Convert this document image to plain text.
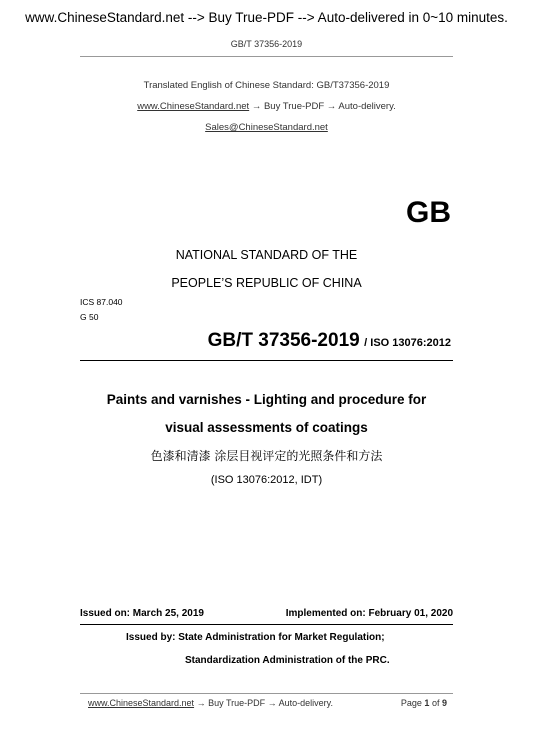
www.ChineseStandard.net --> Buy True-PDF --> Auto-delivered in 0~10 minutes.
GB/T 37356-2019
Translated English of Chinese Standard: GB/T37356-2019
www.ChineseStandard.net → Buy True-PDF → Auto-delivery.
Sales@ChineseStandard.net
GB
NATIONAL STANDARD OF THE
PEOPLE’S REPUBLIC OF CHINA
ICS 87.040
G 50
GB/T 37356-2019 / ISO 13076:2012
Paints and varnishes - Lighting and procedure for
visual assessments of coatings
色漆和清漆 涂层目视评定的光照条件和方法
(ISO 13076:2012, IDT)
Issued on: March 25, 2019	Implemented on: February 01, 2020
Issued by: State Administration for Market Regulation;
Standardization Administration of the PRC.
www.ChineseStandard.net → Buy True-PDF → Auto-delivery.	Page 1 of 9
